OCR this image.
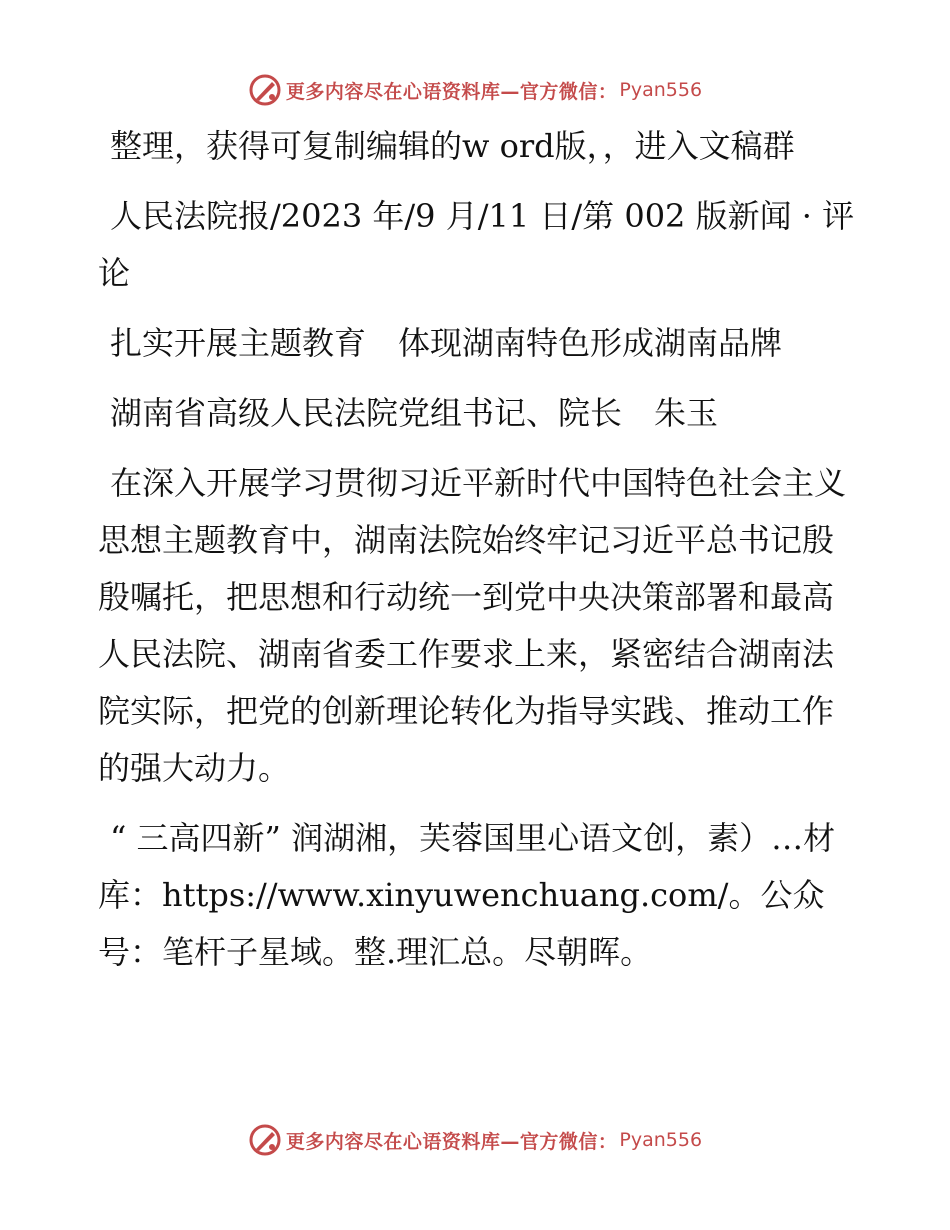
更多内容尽在心语资料库—官方微信： Pyan556

整理，获得可复制编辑的w ord版，，进入文稿群

人民法院报/2023 年/9 月/11 日/第 002 版新闻 · 评论

扎实开展主题教育　体现湖南特色形成湖南品牌

湖南省高级人民法院党组书记、院长　朱玉

在深入开展学习贯彻习近平新时代中国特色社会主义思想主题教育中，湖南法院始终牢记习近平总书记殷殷嘱托，把思想和行动统一到党中央决策部署和最高人民法院、湖南省委工作要求上来，紧密结合湖南法院实际，把党的创新理论转化为指导实践、推动工作的强大动力。

“ 三高四新” 润湖湘，芙蓉国里心语文创，素）…材库：https://www.xinyuwenchuang.com/。公众号：笔杆子星域。整.理汇总。尽朝晖。

更多内容尽在心语资料库—官方微信： Pyan556
